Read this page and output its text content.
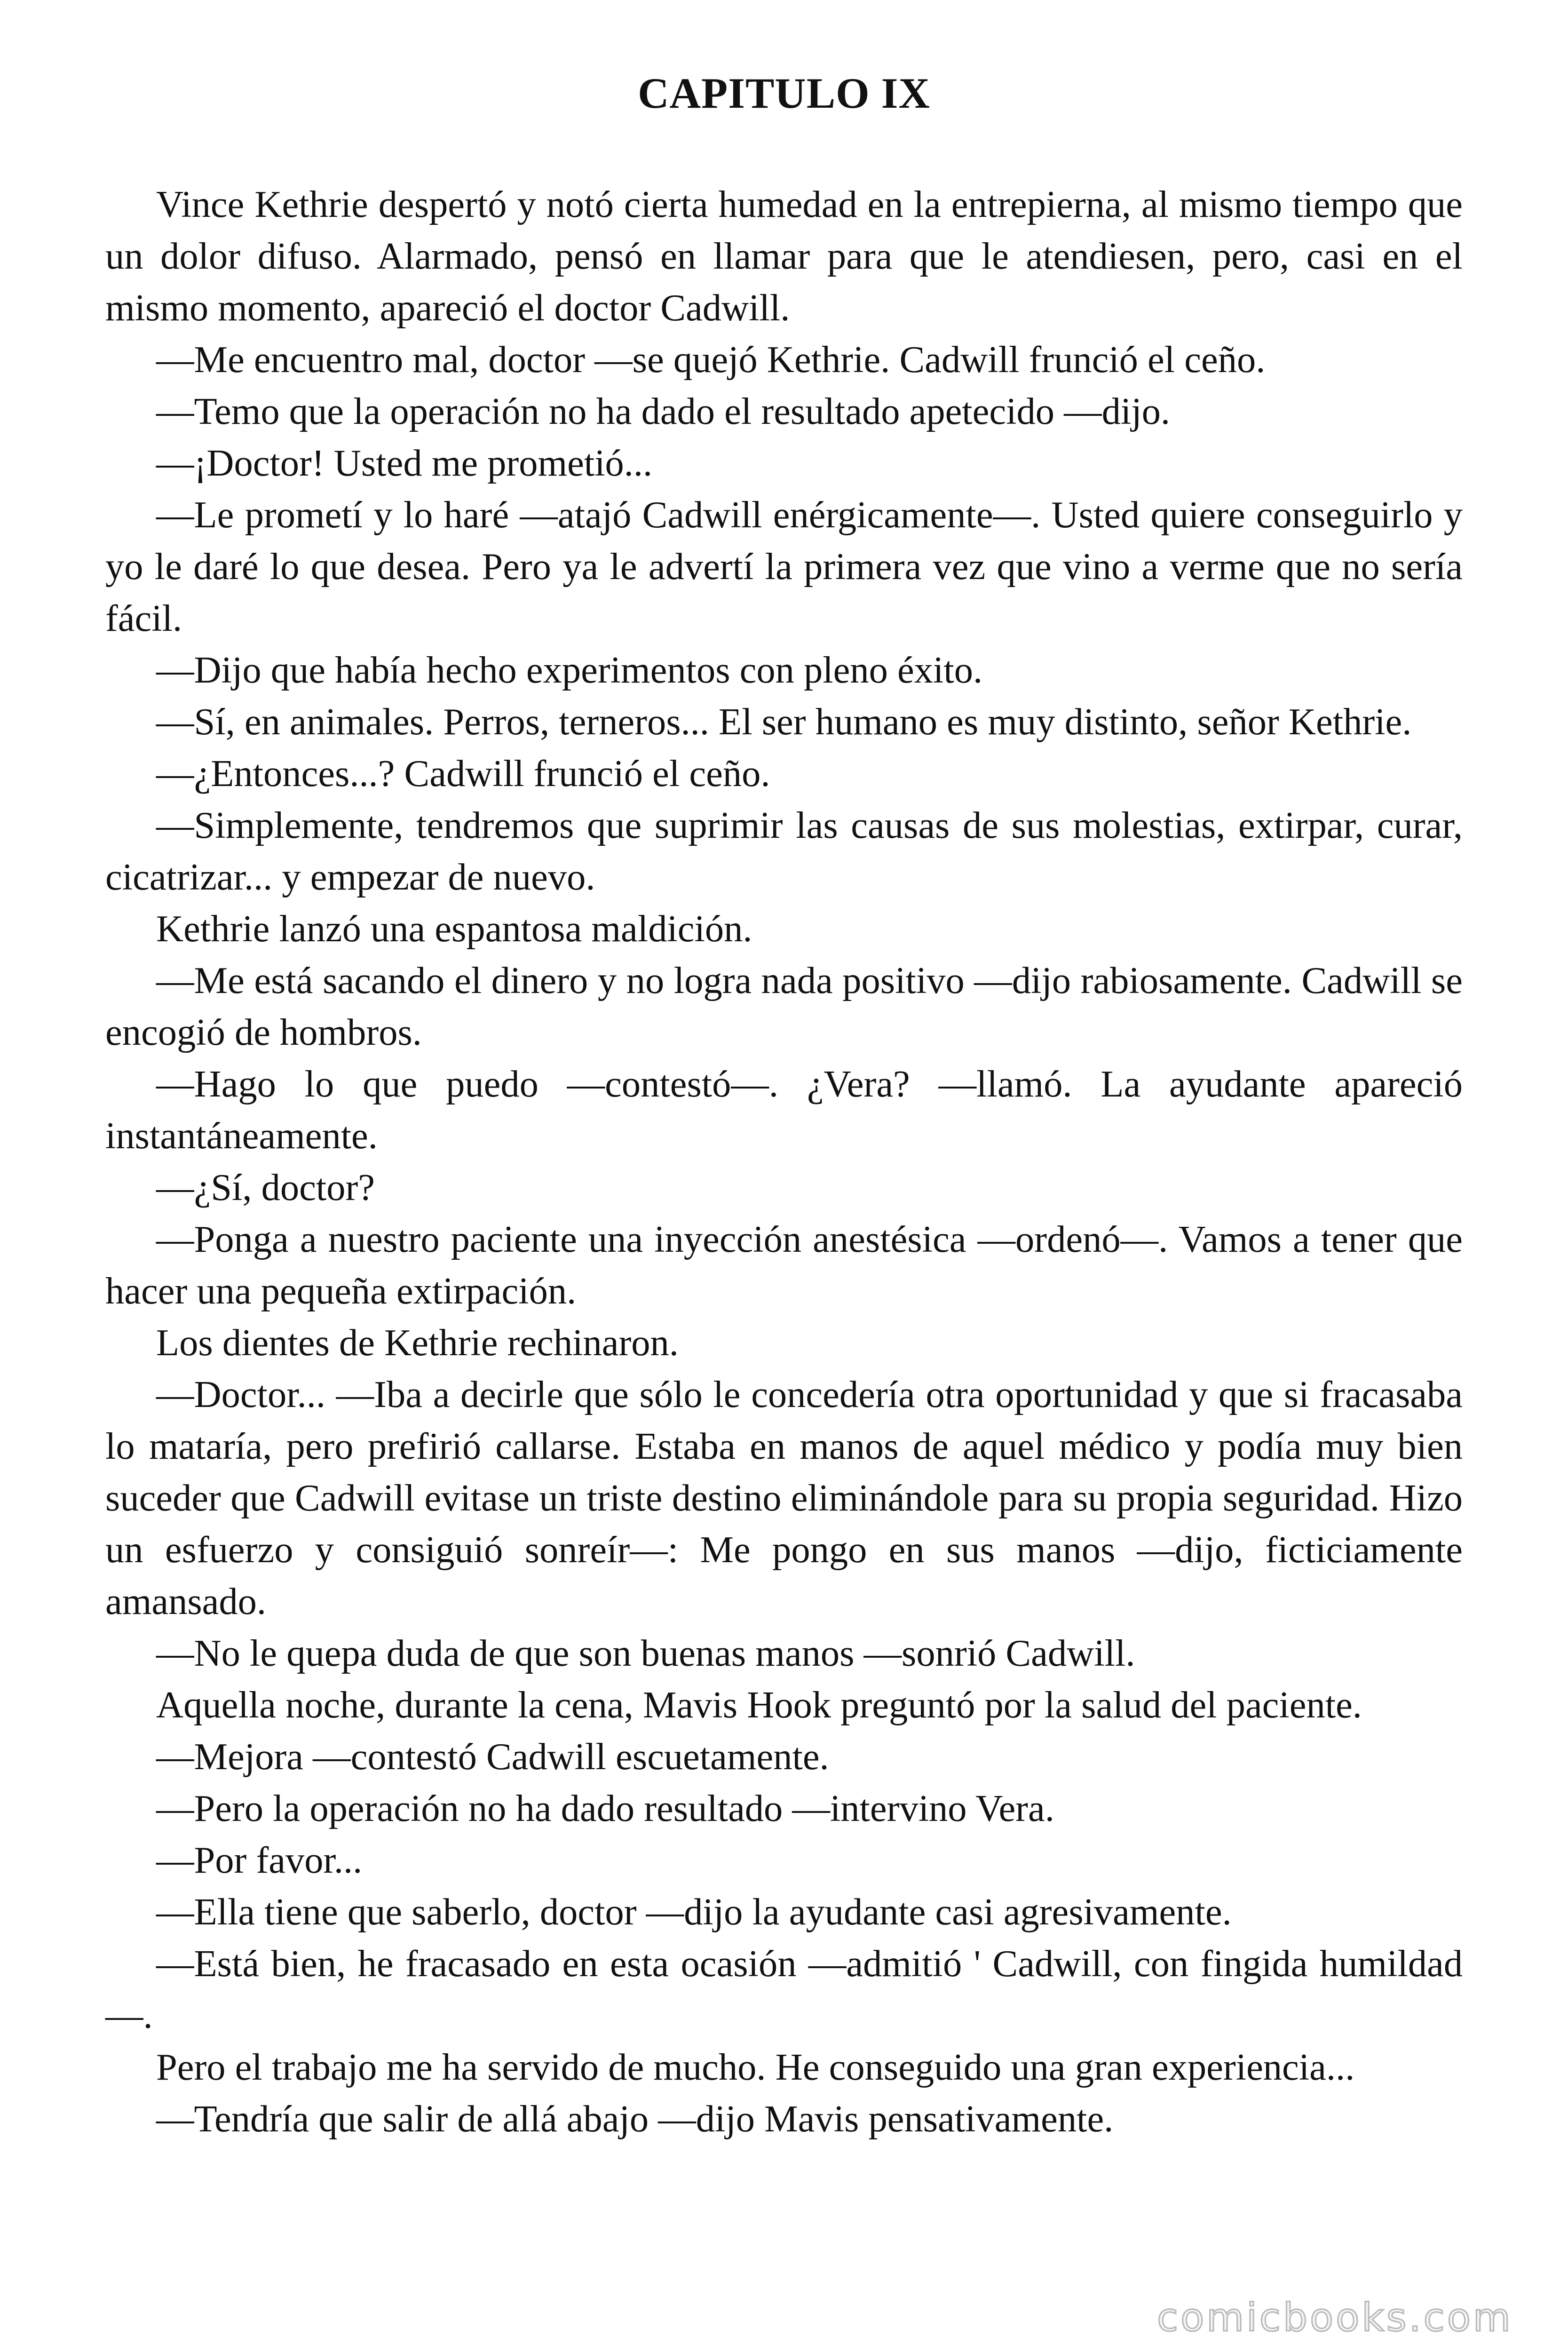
CAPITULO IX

Vince Kethrie despertó y notó cierta humedad en la entrepierna, al mismo tiempo que un dolor difuso. Alarmado, pensó en llamar para que le atendiesen, pero, casi en el mismo momento, apareció el doctor Cadwill.

—Me encuentro mal, doctor —se quejó Kethrie. Cadwill frunció el ceño.

—Temo que la operación no ha dado el resultado apetecido —dijo.

—¡Doctor! Usted me prometió...

—Le prometí y lo haré —atajó Cadwill enérgicamente—. Usted quiere conseguirlo y yo le daré lo que desea. Pero ya le advertí la primera vez que vino a verme que no sería fácil.

—Dijo que había hecho experimentos con pleno éxito.

—Sí, en animales. Perros, terneros... El ser humano es muy distinto, señor Kethrie.

—¿Entonces...? Cadwill frunció el ceño.

—Simplemente, tendremos que suprimir las causas de sus molestias, extirpar, curar, cicatrizar... y empezar de nuevo.

Kethrie lanzó una espantosa maldición.

—Me está sacando el dinero y no logra nada positivo —dijo rabiosamente. Cadwill se encogió de hombros.

—Hago lo que puedo —contestó—. ¿Vera? —llamó. La ayudante apareció instantáneamente.

—¿Sí, doctor?

—Ponga a nuestro paciente una inyección anestésica —ordenó—. Vamos a tener que hacer una pequeña extirpación.

Los dientes de Kethrie rechinaron.

—Doctor... —Iba a decirle que sólo le concedería otra oportunidad y que si fracasaba lo mataría, pero prefirió callarse. Estaba en manos de aquel médico y podía muy bien suceder que Cadwill evitase un triste destino eliminándole para su propia seguridad. Hizo un esfuerzo y consiguió sonreír—: Me pongo en sus manos —dijo, ficticiamente amansado.

—No le quepa duda de que son buenas manos —sonrió Cadwill.

Aquella noche, durante la cena, Mavis Hook preguntó por la salud del paciente.

—Mejora —contestó Cadwill escuetamente.

—Pero la operación no ha dado resultado —intervino Vera.

—Por favor...

—Ella tiene que saberlo, doctor —dijo la ayudante casi agresivamente.

—Está bien, he fracasado en esta ocasión —admitió ' Cadwill, con fingida humildad—.

Pero el trabajo me ha servido de mucho. He conseguido una gran experiencia...

—Tendría que salir de allá abajo —dijo Mavis pensativamente.

comicbooks.com
